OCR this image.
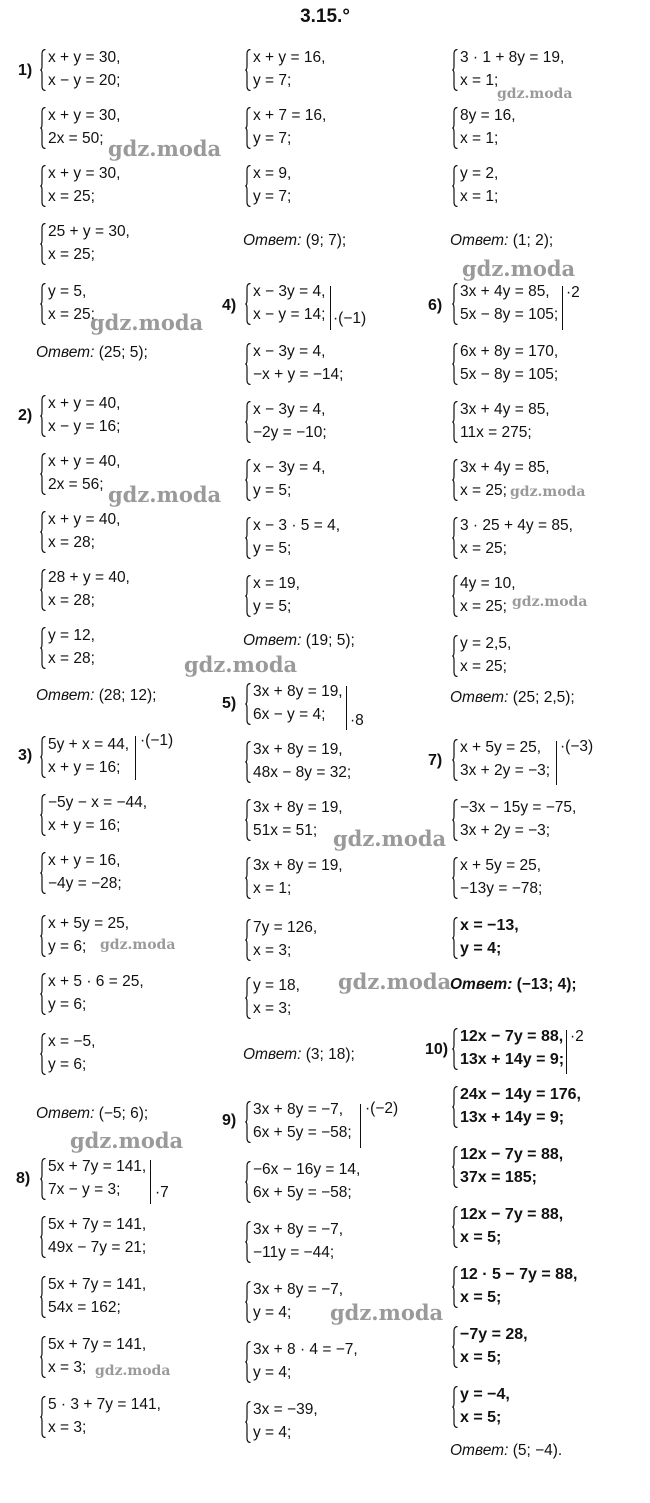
3.15.°
1)
x + y = 30,
x − y = 20;
x + y = 30,
2x = 50;
x + y = 30,
x = 25;
25 + y = 30,
x = 25;
y = 5,
x = 25;
Ответ: (25; 5);
2)
x + y = 40,
x − y = 16;
x + y = 40,
2x = 56;
x + y = 40,
x = 28;
28 + y = 40,
x = 28;
y = 12,
x = 28;
Ответ: (28; 12);
3)
5y + x = 44,
x + y = 16;
−5y − x = −44,
x + y = 16;
x + y = 16,
−4y = −28;
x + 5y = 25,
y = 6;
x + 5 · 6 = 25,
y = 6;
x = −5,
y = 6;
·(−1)
Ответ: (−5; 6);
8)
5x + 7y = 141,
7x − y = 3;
5x + 7y = 141,
49x − 7y = 21;
5x + 7y = 141,
54x = 162;
5x + 7y = 141,
x = 3;
5 · 3 + 7y = 141,
x = 3;
·7
x + y = 16,
y = 7;
x + 7 = 16,
y = 7;
x = 9,
y = 7;
Ответ: (9; 7);
4)
x − 3y = 4,
x − y = 14;
x − 3y = 4,
−x + y = −14;
x − 3y = 4,
−2y = −10;
x − 3y = 4,
y = 5;
x − 3 · 5 = 4,
y = 5;
x = 19,
y = 5;
·(−1)
Ответ: (19; 5);
5)
3x + 8y = 19,
6x − y = 4;
3x + 8y = 19,
48x − 8y = 32;
3x + 8y = 19,
51x = 51;
3x + 8y = 19,
x = 1;
7y = 126,
x = 3;
y = 18,
x = 3;
·8
Ответ: (3; 18);
9)
3x + 8y = −7,
6x + 5y = −58;
−6x − 16y = 14,
6x + 5y = −58;
3x + 8y = −7,
−11y = −44;
3x + 8y = −7,
y = 4;
3x + 8 · 4 = −7,
y = 4;
3x = −39,
y = 4;
·(−2)
3 · 1 + 8y = 19,
x = 1;
8y = 16,
x = 1;
y = 2,
x = 1;
Ответ: (1; 2);
6)
3x + 4y = 85,
5x − 8y = 105;
6x + 8y = 170,
5x − 8y = 105;
3x + 4y = 85,
11x = 275;
3x + 4y = 85,
x = 25;
3 · 25 + 4y = 85,
x = 25;
4y = 10,
x = 25;
y = 2,5,
x = 25;
·2
Ответ: (25; 2,5);
7)
x + 5y = 25,
3x + 2y = −3;
−3x − 15y = −75,
3x + 2y = −3;
x + 5y = 25,
−13y = −78;
x = −13,
y = 4;
·(−3)
Ответ: (−13; 4);
10)
12x − 7y = 88,
13x + 14y = 9;
24x − 14y = 176,
13x + 14y = 9;
12x − 7y = 88,
37x = 185;
12x − 7y = 88,
x = 5;
12 · 5 − 7y = 88,
x = 5;
−7y = 28,
x = 5;
y = −4,
x = 5;
·2
Ответ: (5; −4).
gdz.moda
gdz.moda
gdz.moda
gdz.moda
gdz.moda
gdz.moda
gdz.moda
gdz.moda
gdz.moda
gdz.moda
gdz.moda
gdz.moda
gdz.moda
gdz.moda
